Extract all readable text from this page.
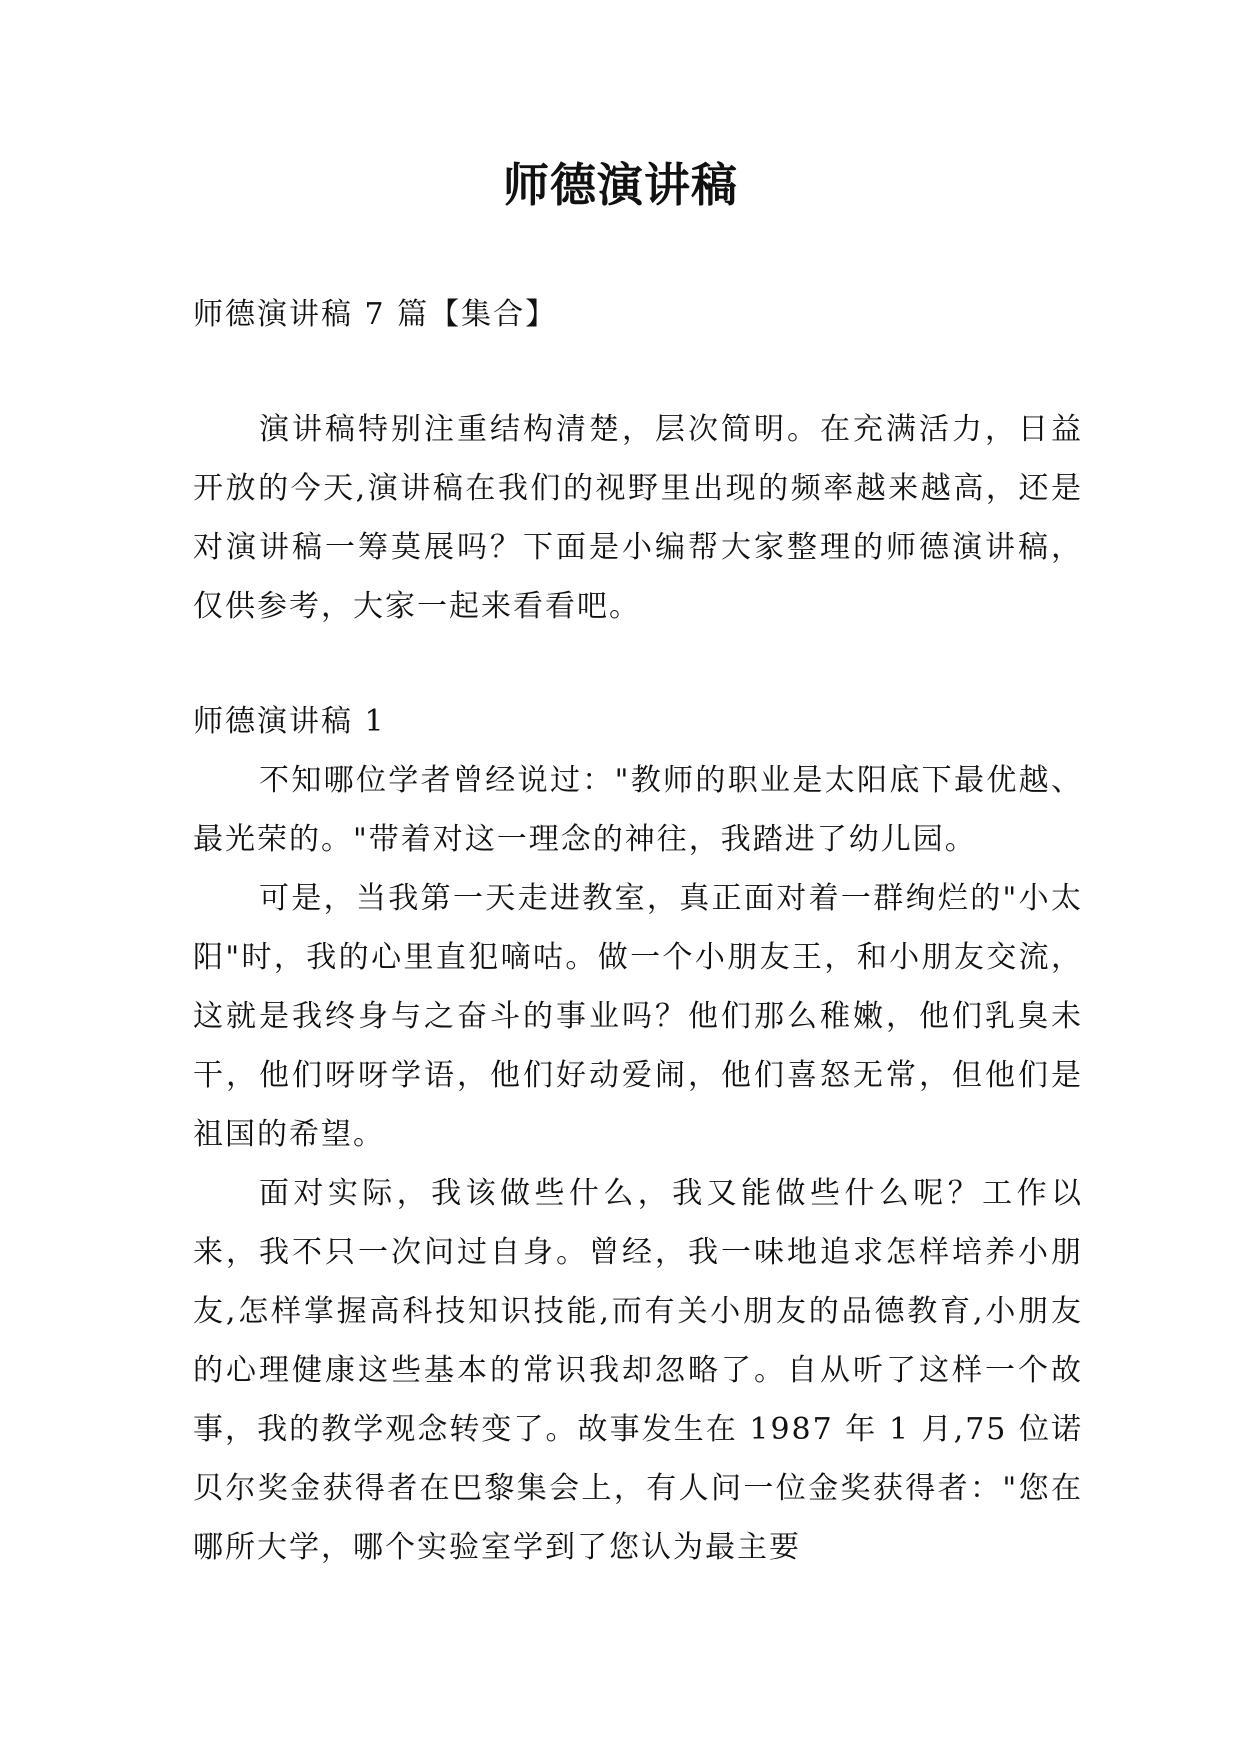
师德演讲稿

师德演讲稿 7 篇【集合】

演讲稿特别注重结构清楚，层次简明。在充满活力，日益开放的今天,演讲稿在我们的视野里出现的频率越来越高，还是对演讲稿一筹莫展吗？下面是小编帮大家整理的师德演讲稿，仅供参考，大家一起来看看吧。

师德演讲稿 1

不知哪位学者曾经说过："教师的职业是太阳底下最优越、最光荣的。"带着对这一理念的神往，我踏进了幼儿园。

可是，当我第一天走进教室，真正面对着一群绚烂的"小太阳"时，我的心里直犯嘀咕。做一个小朋友王，和小朋友交流，这就是我终身与之奋斗的事业吗？他们那么稚嫩，他们乳臭未干，他们呀呀学语，他们好动爱闹，他们喜怒无常，但他们是祖国的希望。

面对实际，我该做些什么，我又能做些什么呢？工作以来，我不只一次问过自身。曾经，我一味地追求怎样培养小朋友,怎样掌握高科技知识技能,而有关小朋友的品德教育,小朋友的心理健康这些基本的常识我却忽略了。自从听了这样一个故事，我的教学观念转变了。故事发生在 1987 年 1 月,75 位诺贝尔奖金获得者在巴黎集会上，有人问一位金奖获得者："您在哪所大学，哪个实验室学到了您认为最主要
